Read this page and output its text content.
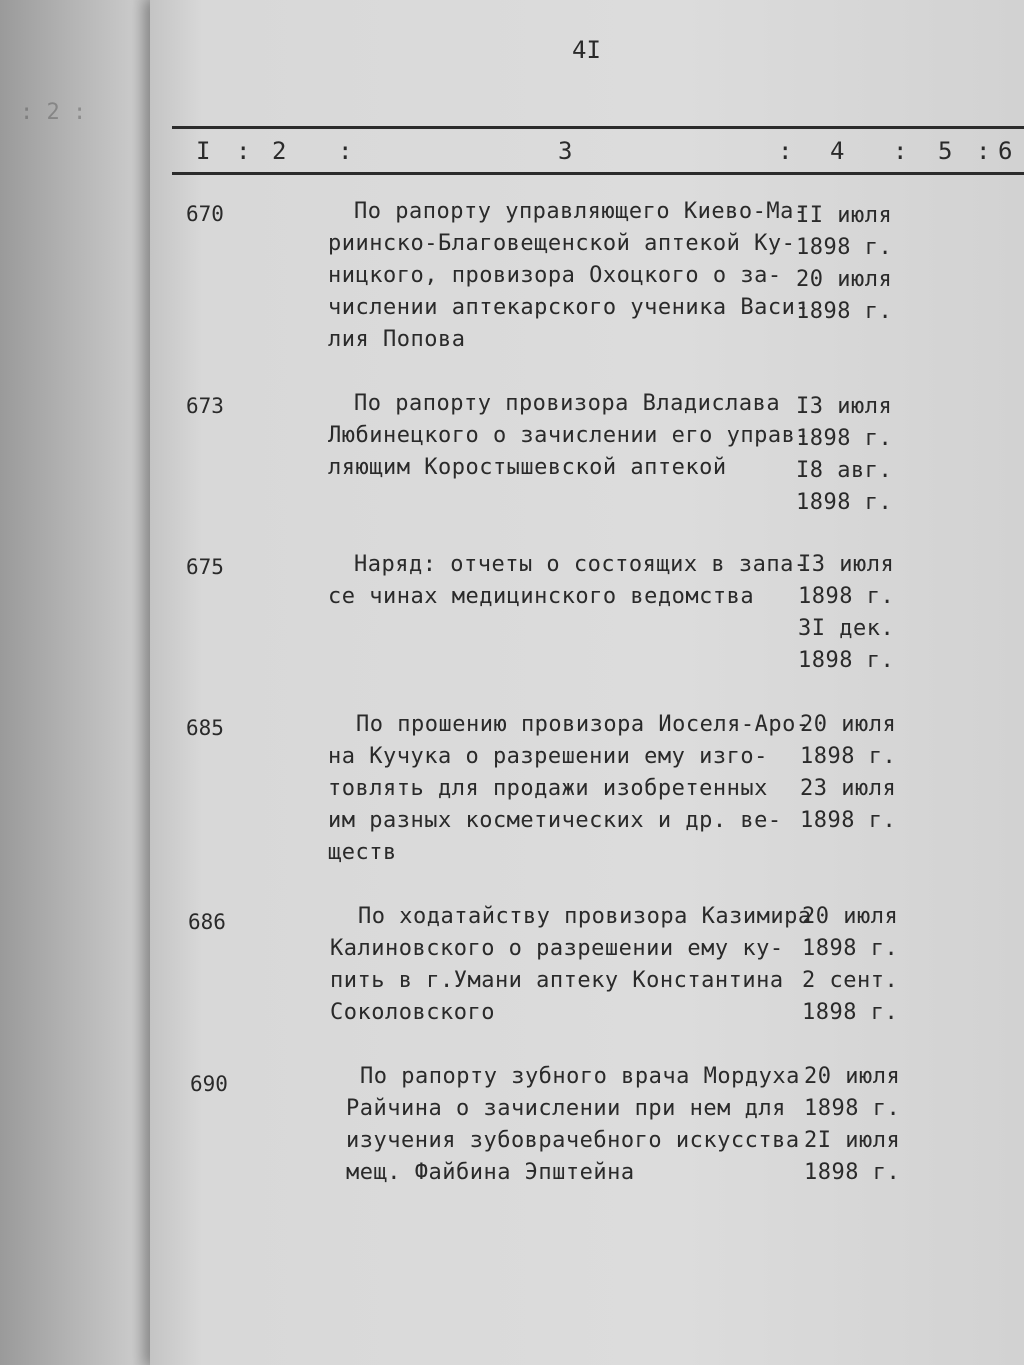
: 2 :
4I
I : 2 :	3	: 4 : 5 : 6
670	По рапорту управляющего Киево-Ма-
риинско-Благовещенской аптекой Ку-
ницкого, провизора Охоцкого о за-
числении аптекарского ученика Васи-
лия Попова
II июля
1898 г.
20 июля
1898 г.
673	По рапорту провизора Владислава
Любинецкого о зачислении его управ-
ляющим Коростышевской аптекой
I3 июля
1898 г.
I8 авг.
1898 г.
675	Наряд: отчеты о состоящих в запа-
се чинах медицинского ведомства
I3 июля
1898 г.
3I дек.
1898 г.
685	По прошению провизора Иоселя-Аро-
на Кучука о разрешении ему изго-
товлять для продажи изобретенных
им разных косметических и др. ве-
ществ
20 июля
1898 г.
23 июля
1898 г.
686	По ходатайству провизора Казимира
Калиновского о разрешении ему ку-
пить в г.Умани аптеку Константина
Соколовского
20 июля
1898 г.
2 сент.
1898 г.
690	По рапорту зубного врача Мордуха
Райчина о зачислении при нем для
изучения зубоврачебного искусства
мещ. Файбина Эпштейна
20 июля
1898 г.
2I июля
1898 г.
